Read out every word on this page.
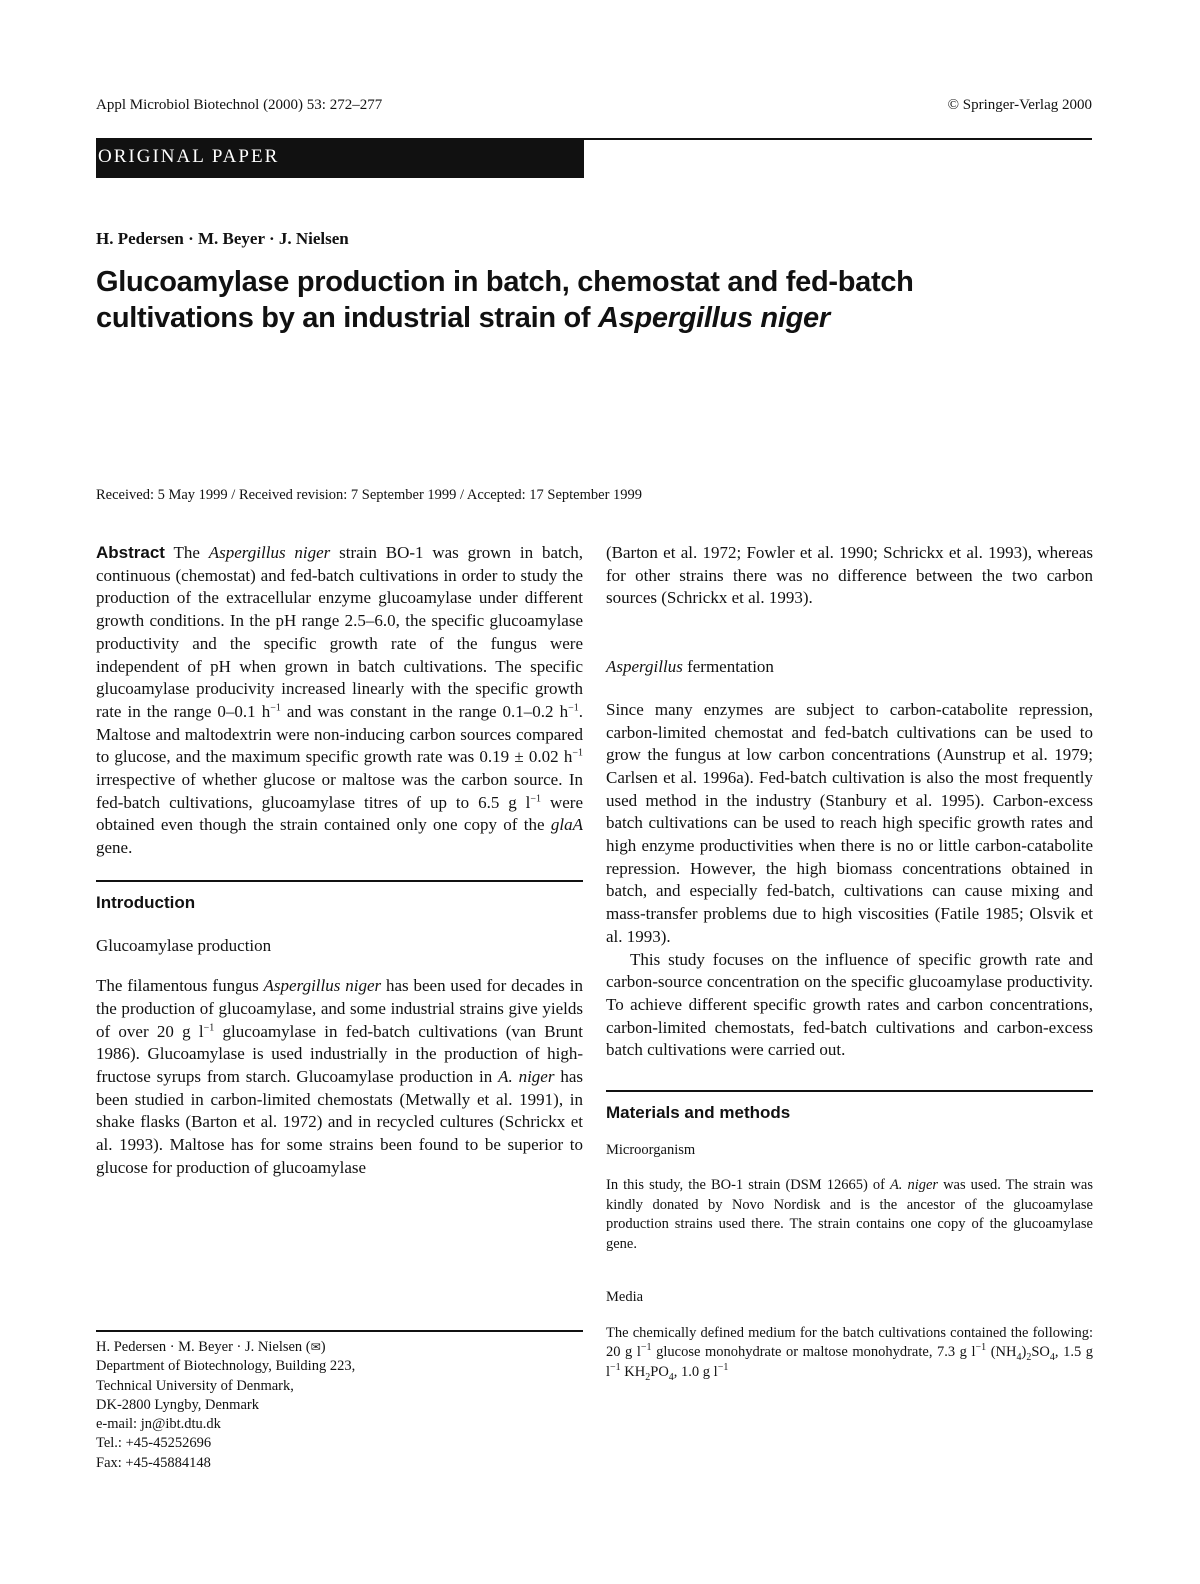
Appl Microbiol Biotechnol (2000) 53: 272–277	© Springer-Verlag 2000
ORIGINAL PAPER
H. Pedersen · M. Beyer · J. Nielsen
Glucoamylase production in batch, chemostat and fed-batch
cultivations by an industrial strain of Aspergillus niger
Received: 5 May 1999 / Received revision: 7 September 1999 / Accepted: 17 September 1999

Abstract The Aspergillus niger strain BO-1 was grown in batch, continuous (chemostat) and fed-batch cultivations in order to study the production of the extracellular enzyme glucoamylase under different growth conditions. In the pH range 2.5–6.0, the specific glucoamylase productivity and the specific growth rate of the fungus were independent of pH when grown in batch cultivations. The specific glucoamylase producivity increased linearly with the specific growth rate in the range 0–0.1 $h^{-1}$ and was constant in the range 0.1–0.2 $h^{-1}$. Maltose and maltodextrin were non-inducing carbon sources compared to glucose, and the maximum specific growth rate was 0.19 ± 0.02 $h^{-1}$ irrespective of whether glucose or maltose was the carbon source. In fed-batch cultivations, glucoamylase titres of up to 6.5 g $l^{-1}$ were obtained even though the strain contained only one copy of the glaA gene.

Introduction
Glucoamylase production

The filamentous fungus Aspergillus niger has been used for decades in the production of glucoamylase, and some industrial strains give yields of over 20 g $l^{-1}$ glucoamylase in fed-batch cultivations (van Brunt 1986). Glucoamylase is used industrially in the production of high-fructose syrups from starch. Glucoamylase production in A. niger has been studied in carbon-limited chemostats (Metwally et al. 1991), in shake flasks (Barton et al. 1972) and in recycled cultures (Schrickx et al. 1993). Maltose has for some strains been found to be superior to glucose for production of glucoamylase

H. Pedersen · M. Beyer · J. Nielsen (✉)
Department of Biotechnology, Building 223,
Technical University of Denmark,
DK-2800 Lyngby, Denmark
e-mail: jn@ibt.dtu.dk
Tel.: +45-45252696
Fax: +45-45884148

(Barton et al. 1972; Fowler et al. 1990; Schrickx et al. 1993), whereas for other strains there was no difference between the two carbon sources (Schrickx et al. 1993).

Aspergillus fermentation

Since many enzymes are subject to carbon-catabolite repression, carbon-limited chemostat and fed-batch cultivations can be used to grow the fungus at low carbon concentrations (Aunstrup et al. 1979; Carlsen et al. 1996a). Fed-batch cultivation is also the most frequently used method in the industry (Stanbury et al. 1995). Carbon-excess batch cultivations can be used to reach high specific growth rates and high enzyme productivities when there is no or little carbon-catabolite repression. However, the high biomass concentrations obtained in batch, and especially fed-batch, cultivations can cause mixing and mass-transfer problems due to high viscosities (Fatile 1985; Olsvik et al. 1993).

This study focuses on the influence of specific growth rate and carbon-source concentration on the specific glucoamylase productivity. To achieve different specific growth rates and carbon concentrations, carbon-limited chemostats, fed-batch cultivations and carbon-excess batch cultivations were carried out.

Materials and methods
Microorganism

In this study, the BO-1 strain (DSM 12665) of A. niger was used. The strain was kindly donated by Novo Nordisk and is the ancestor of the glucoamylase production strains used there. The strain contains one copy of the glucoamylase gene.

Media

The chemically defined medium for the batch cultivations contained the following: 20 g $l^{-1}$ glucose monohydrate or maltose monohydrate, 7.3 g $l^{-1}$ $(NH_4)_2SO_4$, 1.5 g $l^{-1}$ $KH_2PO_4$, 1.0 g $l^{-1}$
